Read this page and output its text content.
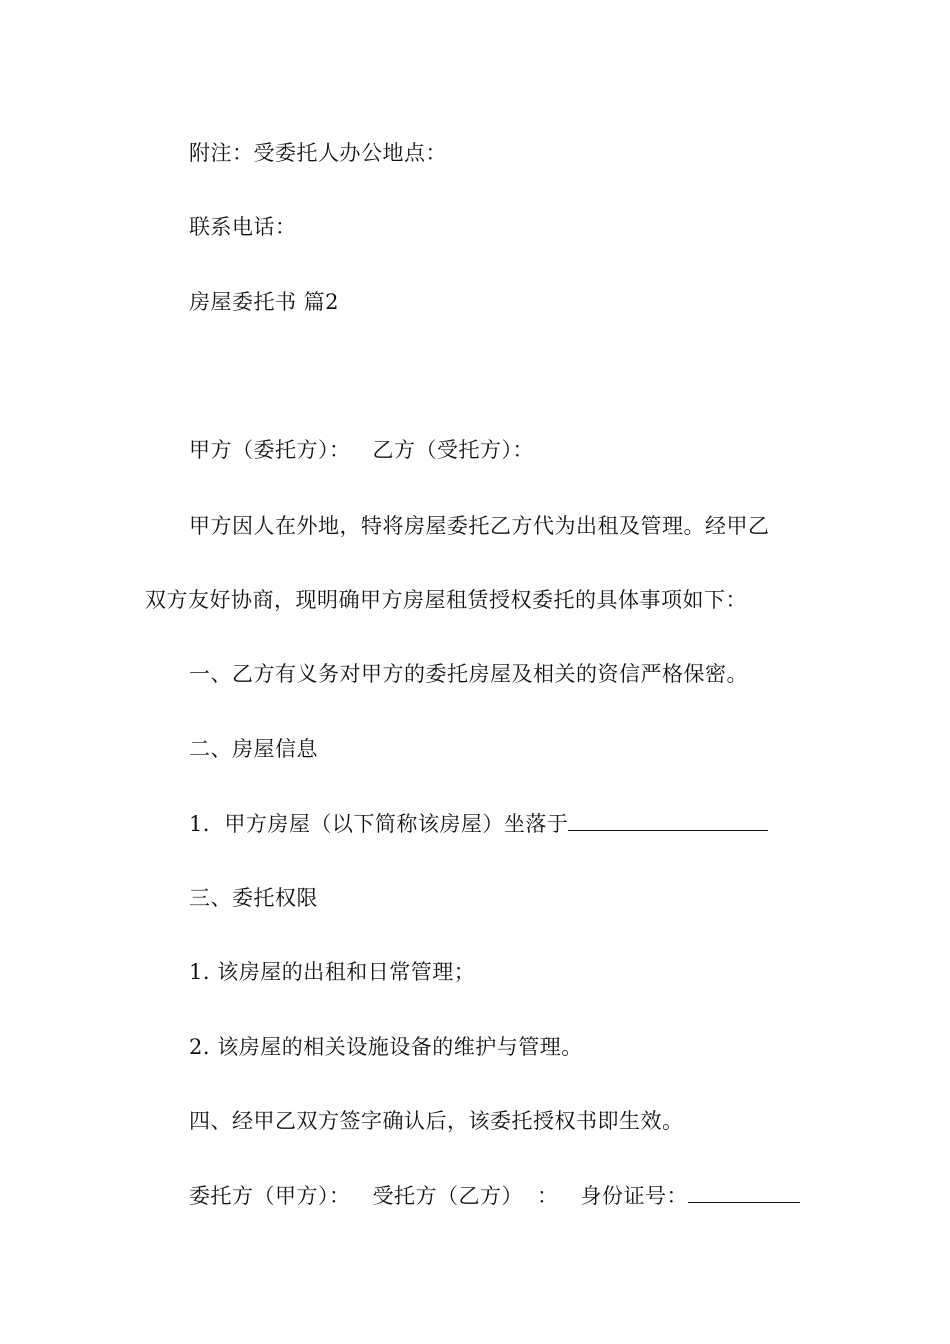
附注：受委托人办公地点：
联系电话：
房屋委托书 篇2
甲方（委托方）： 乙方（受托方）：
甲方因人在外地，特将房屋委托乙方代为出租及管理。经甲乙
双方友好协商，现明确甲方房屋租赁授权委托的具体事项如下：
一、乙方有义务对甲方的委托房屋及相关的资信严格保密。
二、房屋信息
1．甲方房屋（以下简称该房屋）坐落于
三、委托权限
1. 该房屋的出租和日常管理；
2. 该房屋的相关设施设备的维护与管理。
四、经甲乙双方签字确认后，该委托授权书即生效。
委托方（甲方）： 受托方（乙方） ： 身份证号：
